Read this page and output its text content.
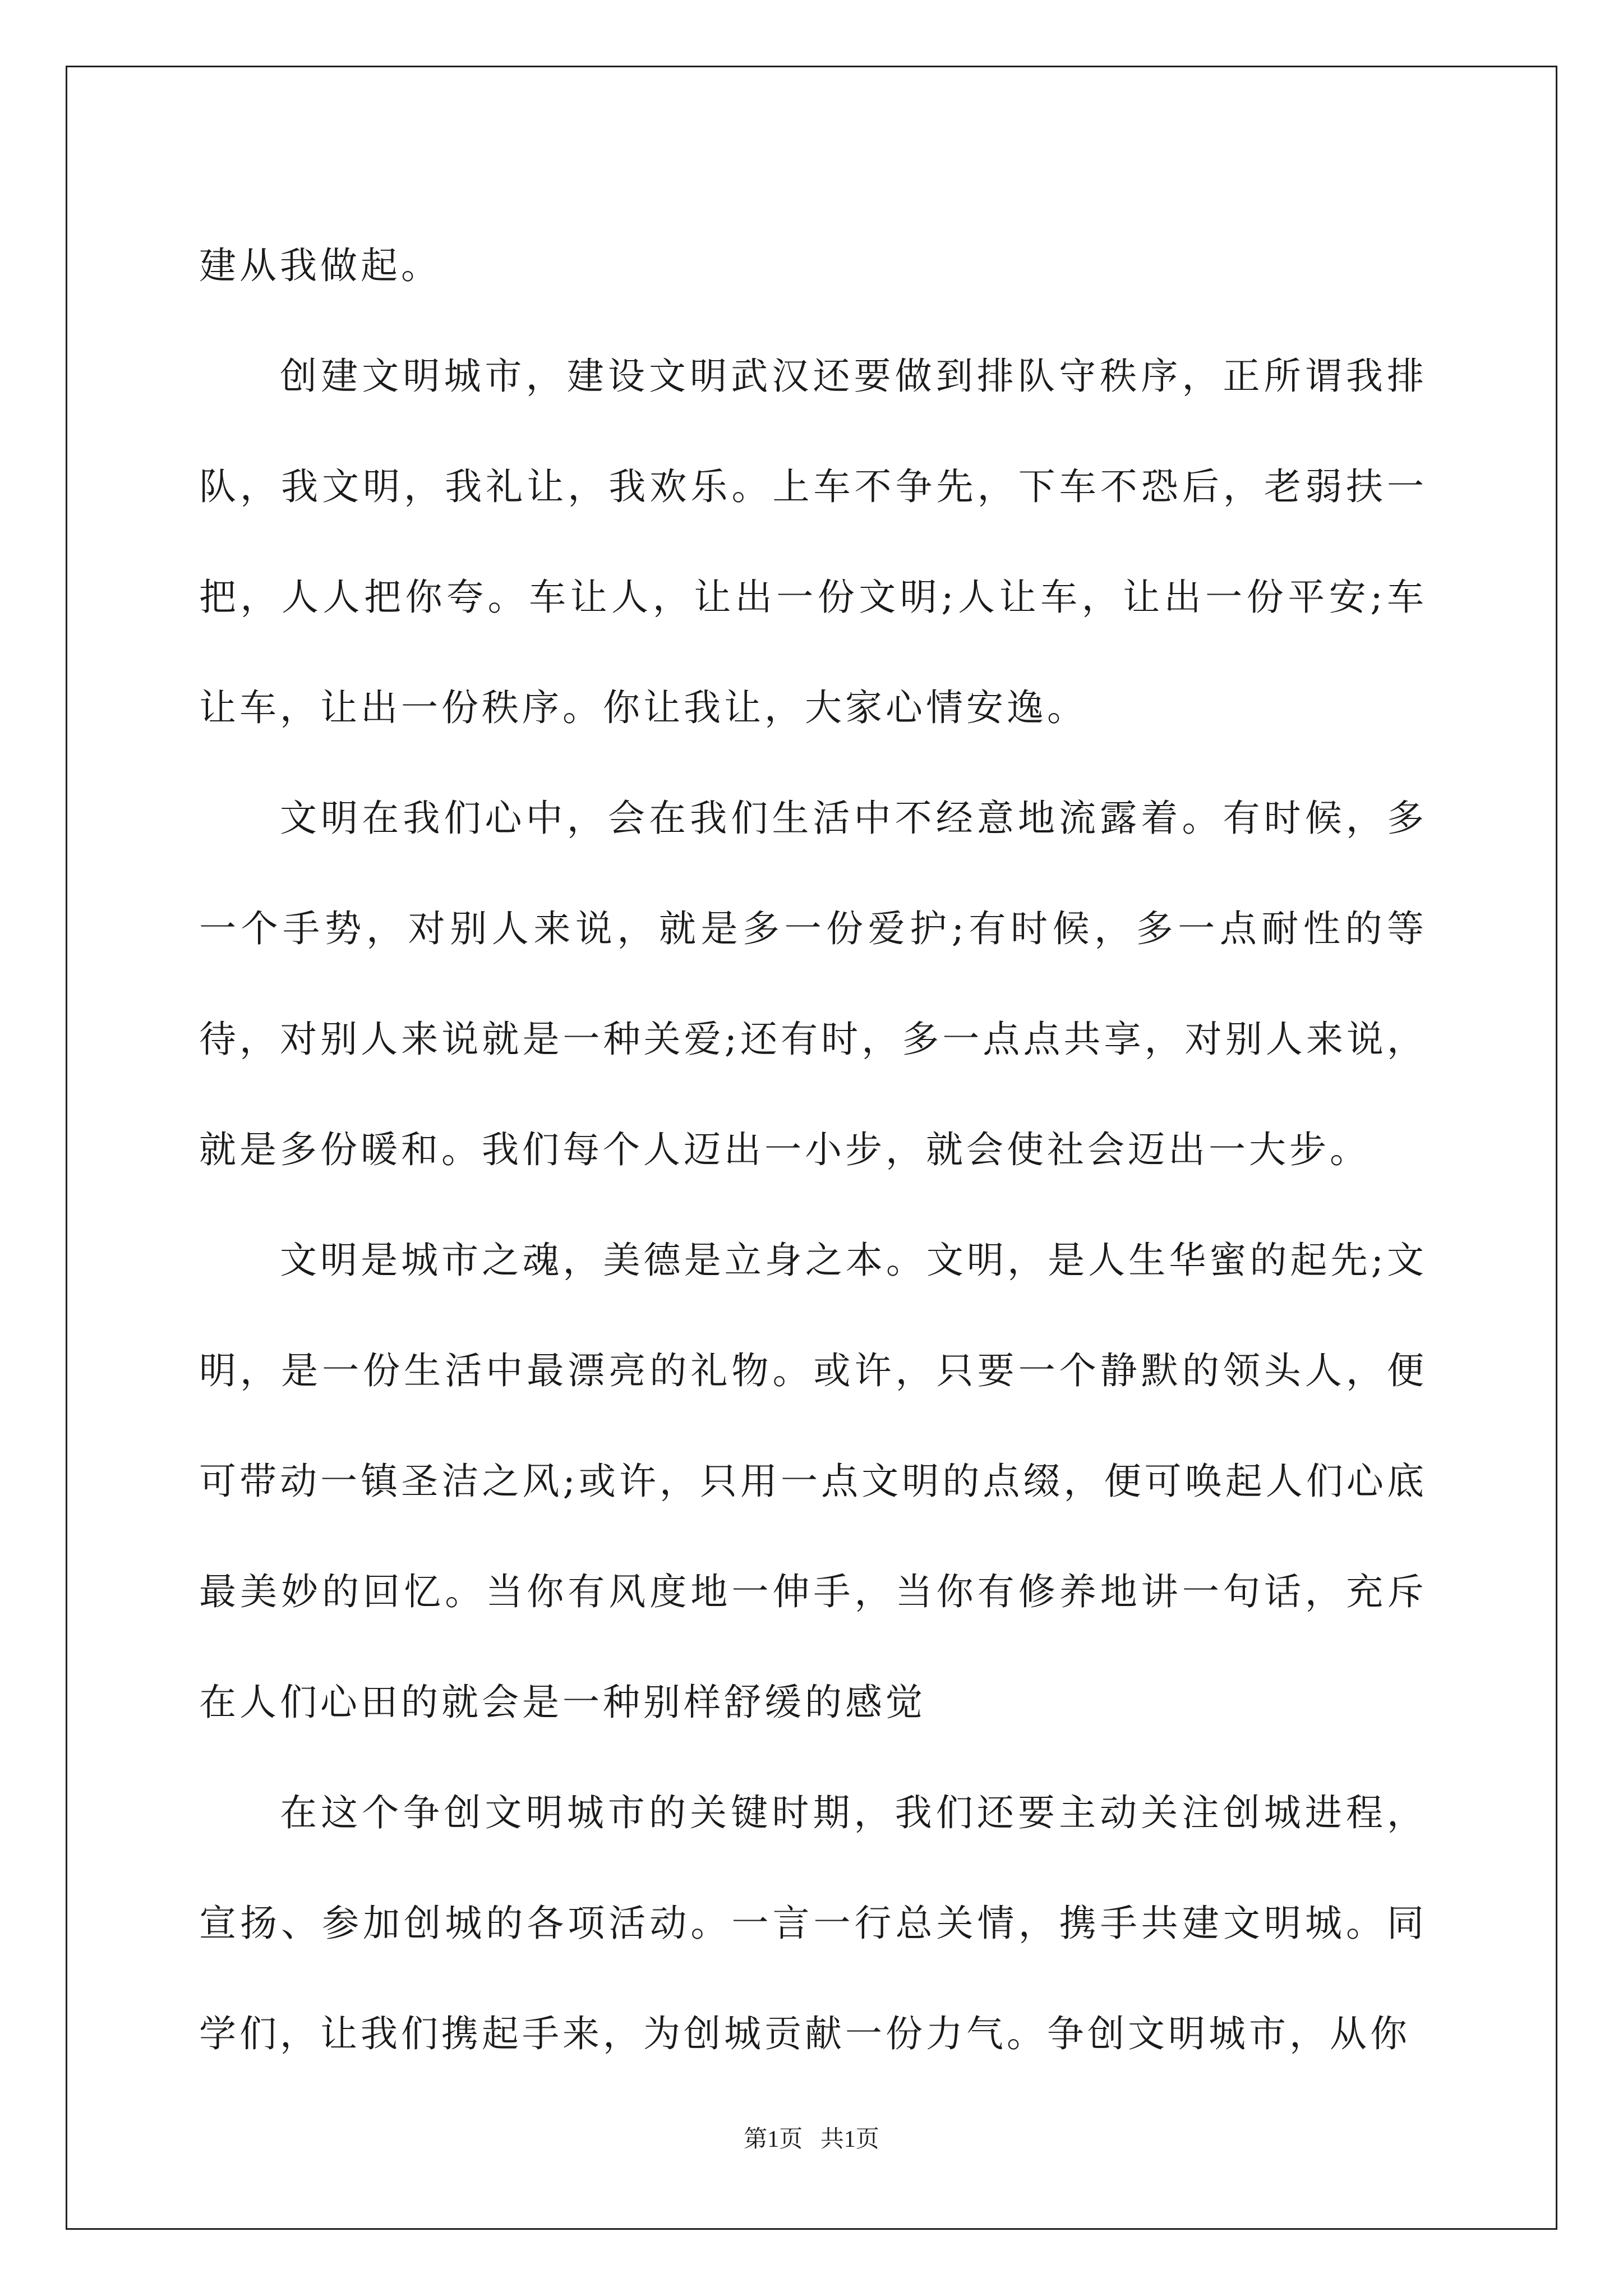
建从我做起。

创建文明城市，建设文明武汉还要做到排队守秩序，正所谓我排队，我文明，我礼让，我欢乐。上车不争先，下车不恐后，老弱扶一把，人人把你夸。车让人，让出一份文明;人让车，让出一份平安;车让车，让出一份秩序。你让我让，大家心情安逸。

文明在我们心中，会在我们生活中不经意地流露着。有时候，多一个手势，对别人来说，就是多一份爱护;有时候，多一点耐性的等待，对别人来说就是一种关爱;还有时，多一点点共享，对别人来说，就是多份暖和。我们每个人迈出一小步，就会使社会迈出一大步。

文明是城市之魂，美德是立身之本。文明，是人生华蜜的起先;文明，是一份生活中最漂亮的礼物。或许，只要一个静默的领头人，便可带动一镇圣洁之风;或许，只用一点文明的点缀，便可唤起人们心底最美妙的回忆。当你有风度地一伸手，当你有修养地讲一句话，充斥在人们心田的就会是一种别样舒缓的感觉

在这个争创文明城市的关键时期，我们还要主动关注创城进程，宣扬、参加创城的各项活动。一言一行总关情，携手共建文明城。同学们，让我们携起手来，为创城贡献一份力气。争创文明城市，从你

第1页 共1页
